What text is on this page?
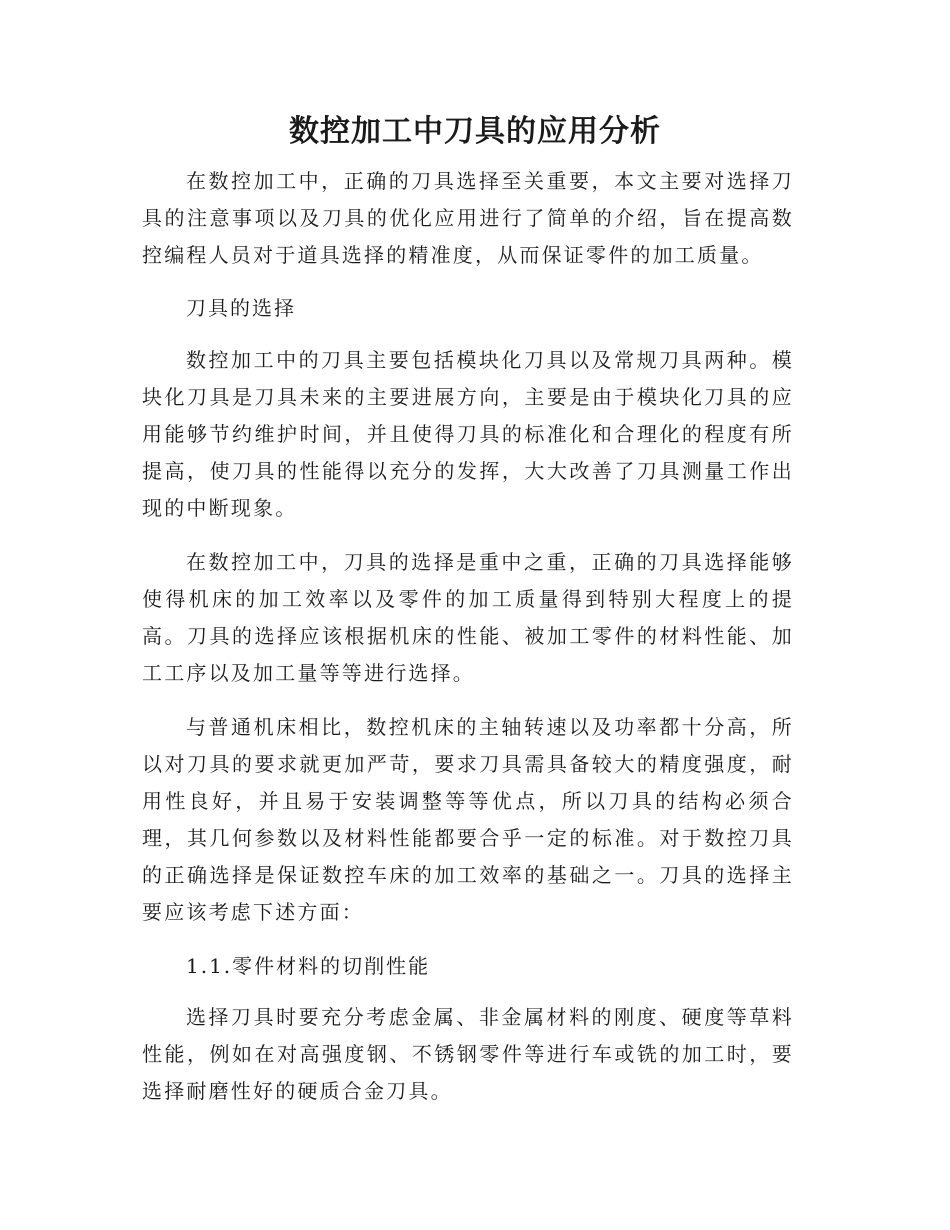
数控加工中刀具的应用分析

在数控加工中，正确的刀具选择至关重要，本文主要对选择刀具的注意事项以及刀具的优化应用进行了简单的介绍，旨在提高数控编程人员对于道具选择的精准度，从而保证零件的加工质量。

刀具的选择

数控加工中的刀具主要包括模块化刀具以及常规刀具两种。模块化刀具是刀具未来的主要进展方向，主要是由于模块化刀具的应用能够节约维护时间，并且使得刀具的标准化和合理化的程度有所提高，使刀具的性能得以充分的发挥，大大改善了刀具测量工作出现的中断现象。

在数控加工中，刀具的选择是重中之重，正确的刀具选择能够使得机床的加工效率以及零件的加工质量得到特别大程度上的提高。刀具的选择应该根据机床的性能、被加工零件的材料性能、加工工序以及加工量等等进行选择。

与普通机床相比，数控机床的主轴转速以及功率都十分高，所以对刀具的要求就更加严苛，要求刀具需具备较大的精度强度，耐用性良好，并且易于安装调整等等优点，所以刀具的结构必须合理，其几何参数以及材料性能都要合乎一定的标准。对于数控刀具的正确选择是保证数控车床的加工效率的基础之一。刀具的选择主要应该考虑下述方面：

1.1.零件材料的切削性能

选择刀具时要充分考虑金属、非金属材料的刚度、硬度等草料性能，例如在对高强度钢、不锈钢零件等进行车或铣的加工时，要选择耐磨性好的硬质合金刀具。
